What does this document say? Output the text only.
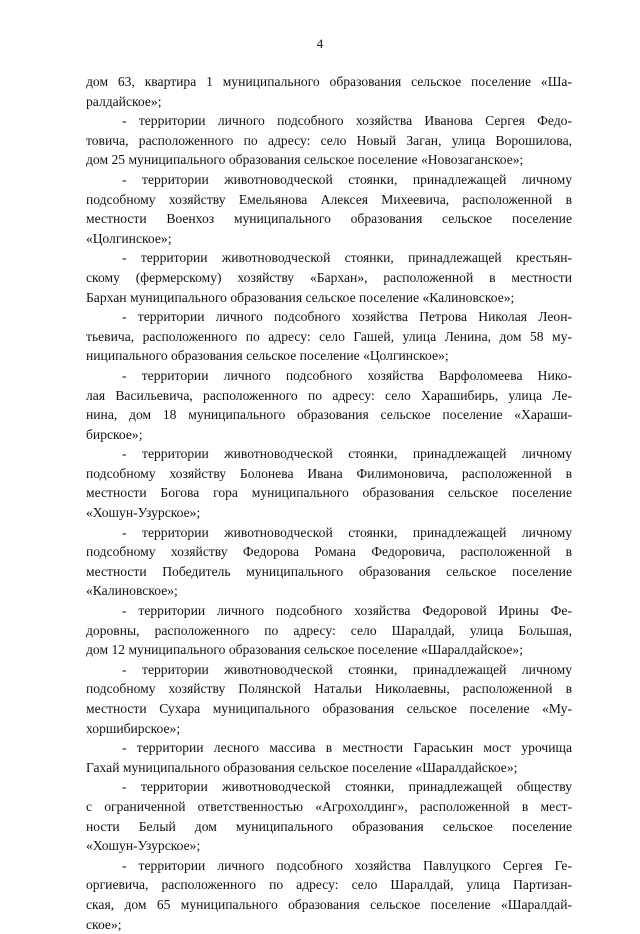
4
дом 63, квартира 1 муниципального образования сельское поселение «Ша-
ралдайское»;
- территории личного подсобного хозяйства Иванова Сергея Федо-
товича, расположенного по адресу: село Новый Заган, улица Ворошилова,
дом 25 муниципального образования сельское поселение «Новозаганское»;
- территории животноводческой стоянки, принадлежащей личному
подсобному хозяйству Емельянова Алексея Михеевича, расположенной в
местности Военхоз муниципального образования сельское поселение
«Цолгинское»;
- территории животноводческой стоянки, принадлежащей крестьян-
скому (фермерскому) хозяйству «Бархан», расположенной в местности
Бархан муниципального образования сельское поселение «Калиновское»;
- территории личного подсобного хозяйства Петрова Николая Леон-
тьевича, расположенного по адресу: село Гашей, улица Ленина, дом 58 му-
ниципального образования сельское поселение «Цолгинское»;
- территории личного подсобного хозяйства Варфоломеева Нико-
лая Васильевича, расположенного по адресу: село Харашибирь, улица Ле-
нина, дом 18 муниципального образования сельское поселение «Хараши-
бирское»;
- территории животноводческой стоянки, принадлежащей личному
подсобному хозяйству Болонева Ивана Филимоновича, расположенной в
местности Богова гора муниципального образования сельское поселение
«Хошун-Узурское»;
- территории животноводческой стоянки, принадлежащей личному
подсобному хозяйству Федорова Романа Федоровича, расположенной в
местности Победитель муниципального образования сельское поселение
«Калиновское»;
- территории личного подсобного хозяйства Федоровой Ирины Фе-
доровны, расположенного по адресу: село Шаралдай, улица Большая,
дом 12 муниципального образования сельское поселение «Шаралдайское»;
- территории животноводческой стоянки, принадлежащей личному
подсобному хозяйству Полянской Натальи Николаевны, расположенной в
местности Сухара муниципального образования сельское поселение «Му-
хоршибирское»;
- территории лесного массива в местности Гараськин мост урочища
Гахай муниципального образования сельское поселение «Шаралдайское»;
- территории животноводческой стоянки, принадлежащей обществу
с ограниченной ответственностью «Агрохолдинг», расположенной в мест-
ности Белый дом муниципального образования сельское поселение
«Хошун-Узурское»;
- территории личного подсобного хозяйства Павлуцкого Сергея Ге-
оргиевича, расположенного по адресу: село Шаралдай, улица Партизан-
ская, дом 65 муниципального образования сельское поселение «Шаралдай-
ское»;
